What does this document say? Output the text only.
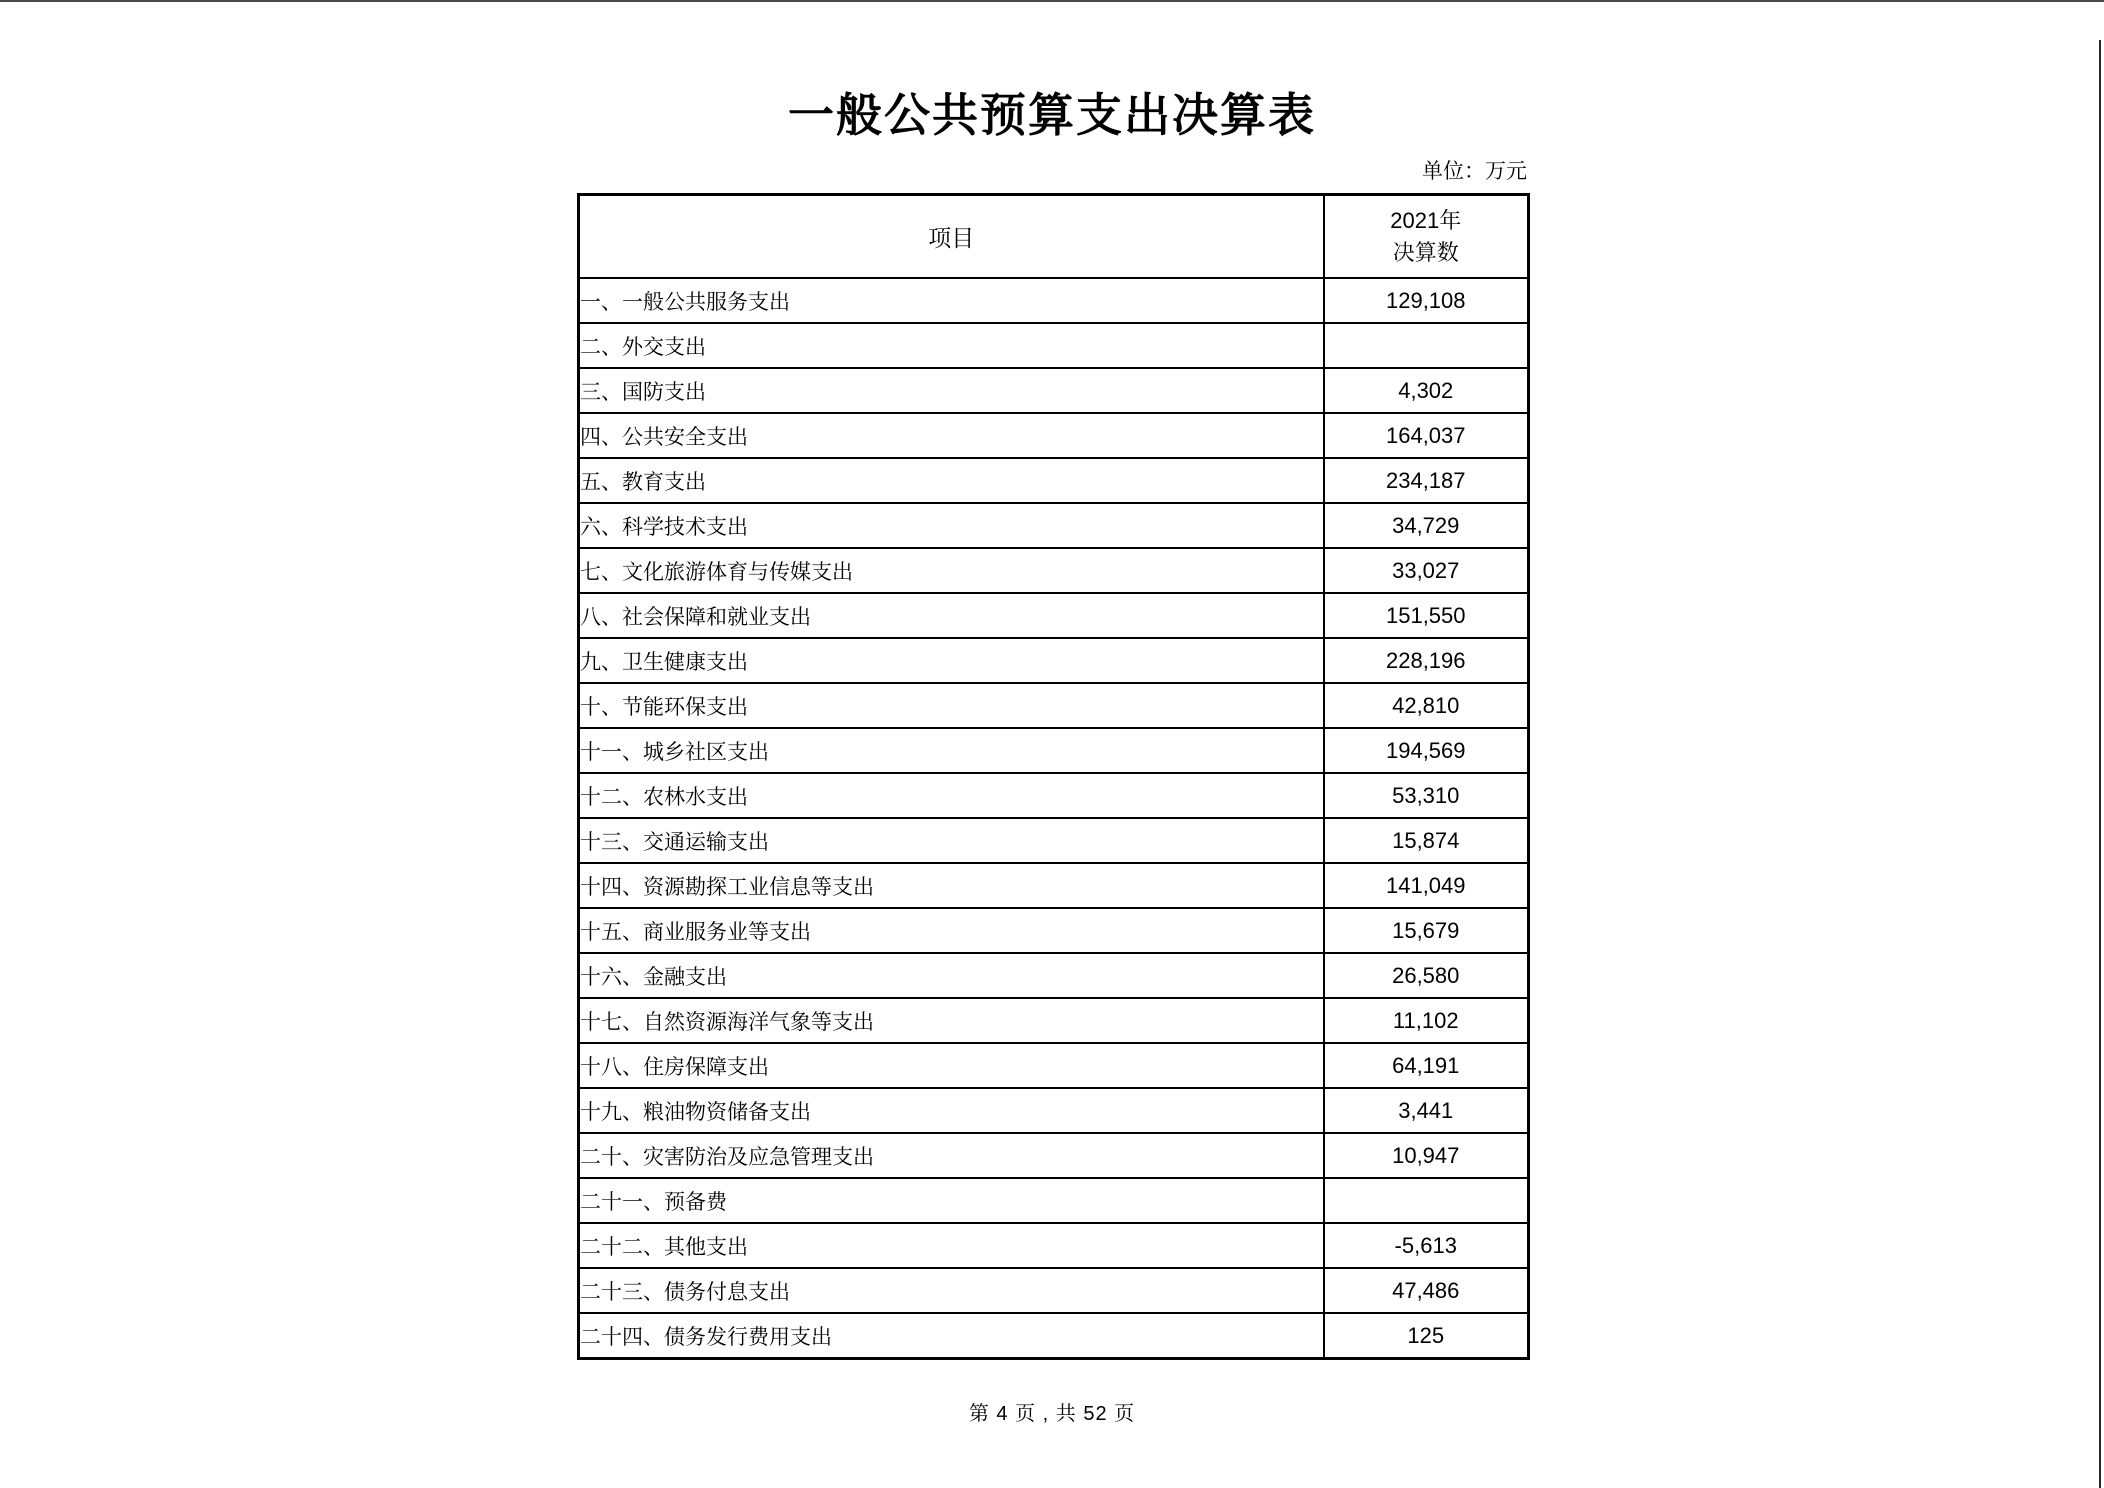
一般公共预算支出决算表
单位：万元
项目	2021年
决算数

一、一般公共服务支出	129,108
二、外交支出	
三、国防支出	4,302
四、公共安全支出	164,037
五、教育支出	234,187
六、科学技术支出	34,729
七、文化旅游体育与传媒支出	33,027
八、社会保障和就业支出	151,550
九、卫生健康支出	228,196
十、节能环保支出	42,810
十一、城乡社区支出	194,569
十二、农林水支出	53,310
十三、交通运输支出	15,874
十四、资源勘探工业信息等支出	141,049
十五、商业服务业等支出	15,679
十六、金融支出	26,580
十七、自然资源海洋气象等支出	11,102
十八、住房保障支出	64,191
十九、粮油物资储备支出	3,441
二十、灾害防治及应急管理支出	10,947
二十一、预备费	
二十二、其他支出	-5,613
二十三、债务付息支出	47,486
二十四、债务发行费用支出	125
第 4 页 , 共 52 页
